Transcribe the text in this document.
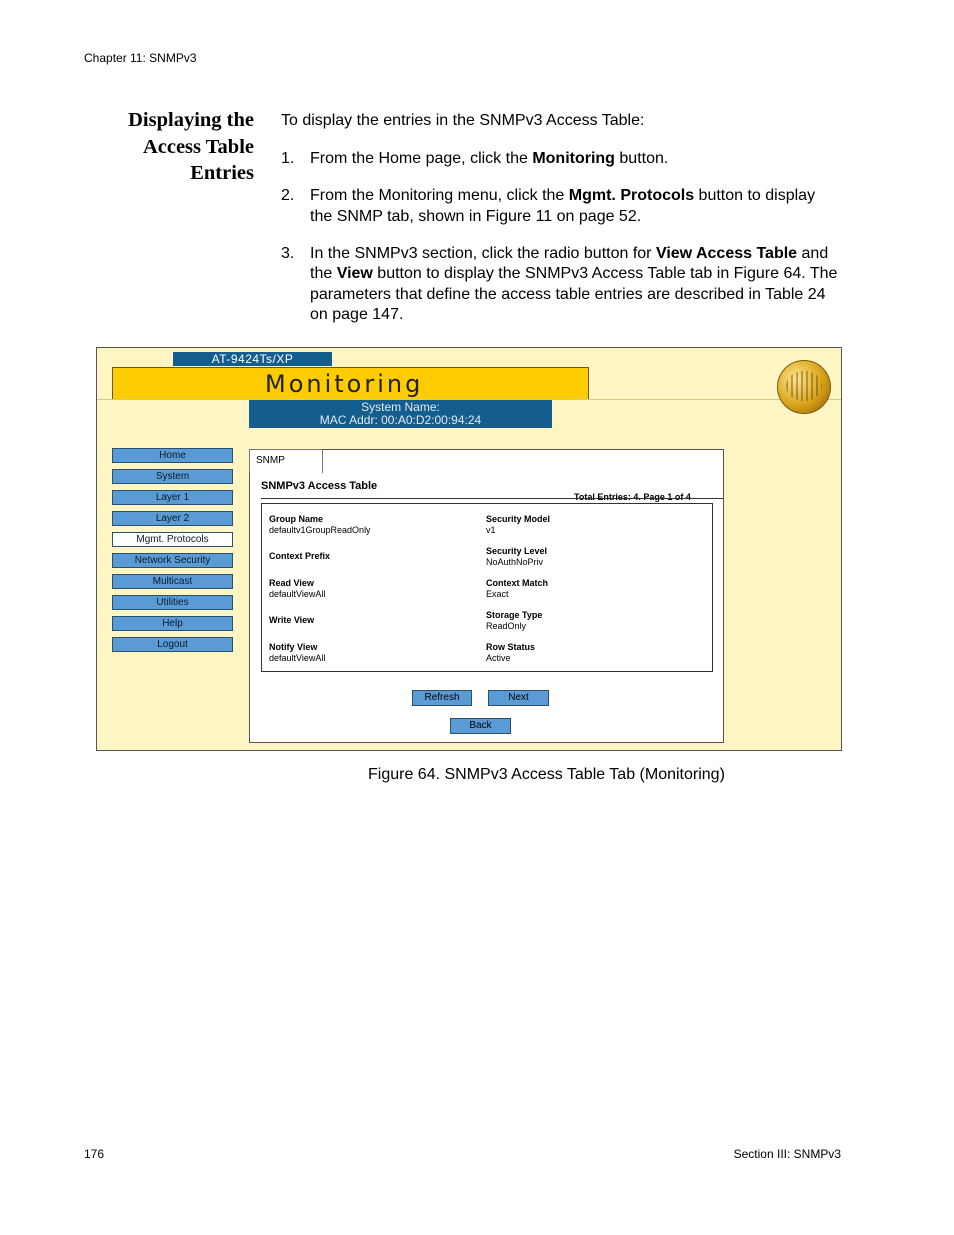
Chapter 11: SNMPv3
Displaying the
Access Table
Entries
To display the entries in the SNMPv3 Access Table:
1. From the Home page, click the Monitoring button.
2. From the Monitoring menu, click the Mgmt. Protocols button to display the SNMP tab, shown in Figure 11 on page 52.
3. In the SNMPv3 section, click the radio button for View Access Table and the View button to display the SNMPv3 Access Table tab in Figure 64. The parameters that define the access table entries are described in Table 24 on page 147.
AT-9424Ts/XP
Monitoring
System Name:
MAC Addr: 00:A0:D2:00:94:24
Home
System
Layer 1
Layer 2
Mgmt. Protocols
Network Security
Multicast
Utilities
Help
Logout
SNMP
SNMPv3 Access Table
Total Entries: 4. Page 1 of 4
Group Name
defaultv1GroupReadOnly
Context Prefix
Read View
defaultViewAll
Write View
Notify View
defaultViewAll
Security Model
v1
Security Level
NoAuthNoPriv
Context Match
Exact
Storage Type
ReadOnly
Row Status
Active
Refresh	Next
Back
Figure 64. SNMPv3 Access Table Tab (Monitoring)
176	Section III: SNMPv3
